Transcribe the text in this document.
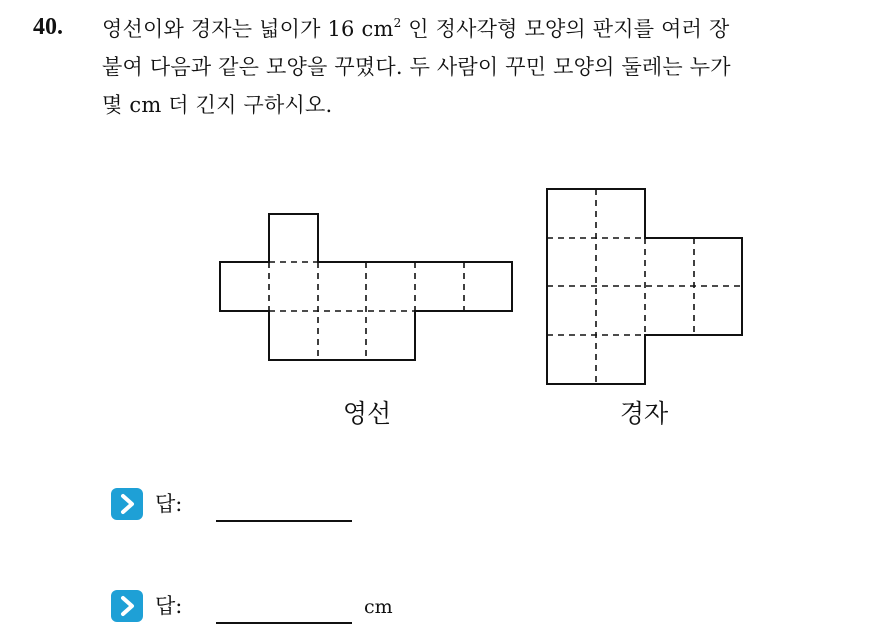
40. 영선이와 경자는 넓이가 16 $cm^2$ 인 정사각형 모양의 판지를 여러 장
붙여 다음과 같은 모양을 꾸몄다. 두 사람이 꾸민 모양의 둘레는 누가
몇 cm 더 긴지 구하시오.
영선	경자
답:
답:	cm
